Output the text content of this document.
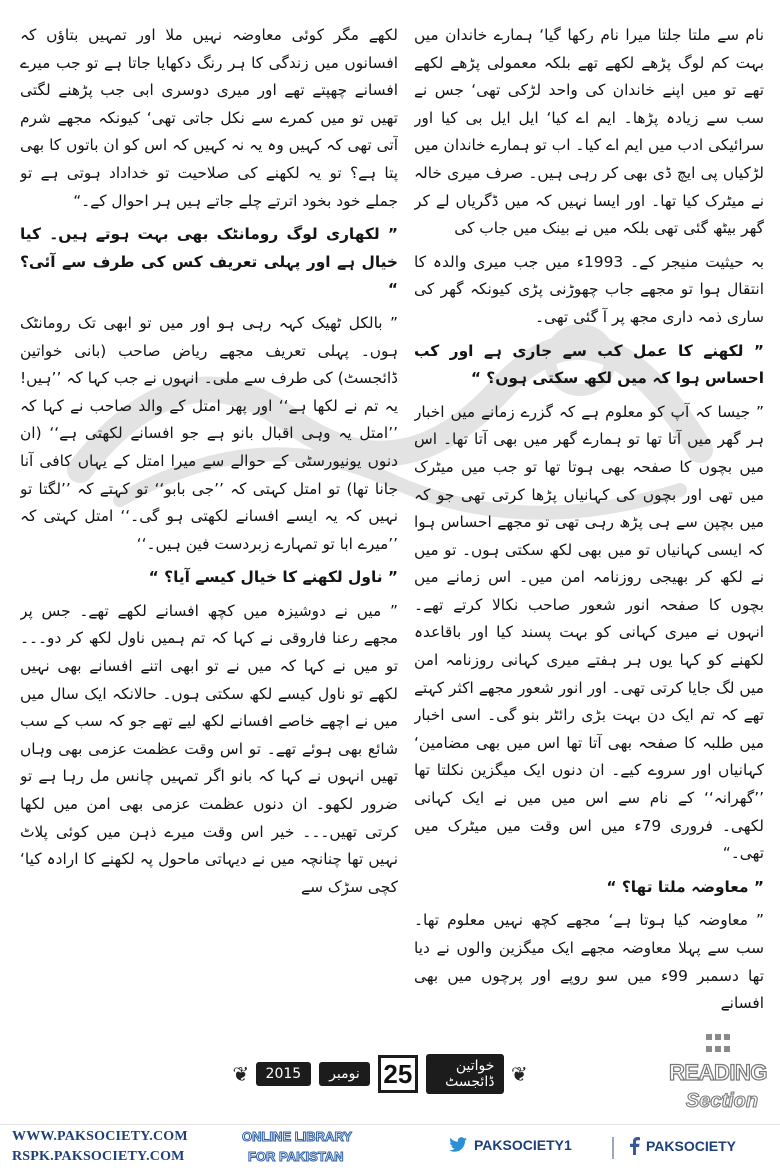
نام سے ملتا جلتا میرا نام رکھا گیا‘ ہمارے خاندان میں بہت کم لوگ پڑھے لکھے تھے بلکہ معمولی پڑھے لکھے تھے تو میں اپنے خاندان کی واحد لڑکی تھی‘ جس نے سب سے زیادہ پڑھا۔ ایم اے کیا‘ ایل ایل بی کیا اور سرائیکی ادب میں ایم اے کیا۔ اب تو ہمارے خاندان میں لڑکیاں پی ایچ ڈی بھی کر رہی ہیں۔ صرف میری خالہ نے میٹرک کیا تھا۔ اور ایسا نہیں کہ میں ڈگریاں لے کر گھر بیٹھ گئی تھی بلکہ میں نے بینک میں جاب کی

بہ حیثیت منیجر کے۔ 1993ء میں جب میری والدہ کا انتقال ہوا تو مجھے جاب چھوڑنی پڑی کیونکہ گھر کی ساری ذمہ داری مجھ پر آ گئی تھی۔

” لکھنے کا عمل کب سے جاری ہے اور کب احساس ہوا کہ میں لکھ سکتی ہوں؟ “

” جیسا کہ آپ کو معلوم ہے کہ گزرے زمانے میں اخبار ہر گھر میں آتا تھا تو ہمارے گھر میں بھی آتا تھا۔ اس میں بچوں کا صفحہ بھی ہوتا تھا تو جب میں میٹرک میں تھی اور بچوں کی کہانیاں پڑھا کرتی تھی جو کہ میں بچپن سے ہی پڑھ رہی تھی تو مجھے احساس ہوا کہ ایسی کہانیاں تو میں بھی لکھ سکتی ہوں۔ تو میں نے لکھ کر بھیجی روزنامہ امن میں۔ اس زمانے میں بچوں کا صفحہ انور شعور صاحب نکالا کرتے تھے۔ انہوں نے میری کہانی کو بہت پسند کیا اور باقاعدہ لکھنے کو کہا یوں ہر ہفتے میری کہانی روزنامہ امن میں لگ جایا کرتی تھی۔ اور انور شعور مجھے اکثر کہتے تھے کہ تم ایک دن بہت بڑی رائٹر بنو گی۔ اسی اخبار میں طلبہ کا صفحہ بھی آتا تھا اس میں بھی مضامین‘ کہانیاں اور سروے کیے۔ ان دنوں ایک میگزین نکلتا تھا ’’گھرانہ‘‘ کے نام سے اس میں میں نے ایک کہانی لکھی۔ فروری 79ء میں اس وقت میں میٹرک میں تھی۔“

” معاوضہ ملتا تھا؟ “

” معاوضہ کیا ہوتا ہے‘ مجھے کچھ نہیں معلوم تھا۔ سب سے پہلا معاوضہ مجھے ایک میگزین والوں نے دیا تھا دسمبر 99ء میں سو روپے اور پرچوں میں بھی افسانے

لکھے مگر کوئی معاوضہ نہیں ملا اور تمہیں بتاؤں کہ افسانوں میں زندگی کا ہر رنگ دکھایا جاتا ہے تو جب میرے افسانے چھپتے تھے اور میری دوسری ابی جب پڑھنے لگتی تھیں تو میں کمرے سے نکل جاتی تھی‘ کیونکہ مجھے شرم آتی تھی کہ کہیں وہ یہ نہ کہیں کہ اس کو ان باتوں کا بھی پتا ہے؟ تو یہ لکھنے کی صلاحیت تو خداداد ہوتی ہے تو جملے خود بخود اترتے چلے جاتے ہیں ہر احوال کے۔“

” لکھاری لوگ رومانٹک بھی بہت ہوتے ہیں۔ کیا خیال ہے اور پہلی تعریف کس کی طرف سے آئی؟ “

” بالکل ٹھیک کہہ رہی ہو اور میں تو ابھی تک رومانٹک ہوں۔ پہلی تعریف مجھے ریاض صاحب (بانی خواتین ڈائجسٹ) کی طرف سے ملی۔ انہوں نے جب کہا کہ ’’ہیں! یہ تم نے لکھا ہے‘‘ اور پھر امتل کے والد صاحب نے کہا کہ ’’امتل یہ وہی اقبال بانو ہے جو افسانے لکھتی ہے‘‘ (ان دنوں یونیورسٹی کے حوالے سے میرا امتل کے یہاں کافی آنا جانا تھا) تو امتل کہتی کہ ’’جی بابو‘‘ تو کہتے کہ ’’لگتا تو نہیں کہ یہ ایسے افسانے لکھتی ہو گی۔‘‘ امتل کہتی کہ ’’میرے ابا تو تمہارے زبردست فین ہیں۔‘‘

” ناول لکھنے کا خیال کیسے آیا؟ “

” میں نے دوشیزہ میں کچھ افسانے لکھے تھے۔ جس پر مجھے رعنا فاروقی نے کہا کہ تم ہمیں ناول لکھ کر دو۔۔۔ تو میں نے کہا کہ میں نے تو ابھی اتنے افسانے بھی نہیں لکھے تو ناول کیسے لکھ سکتی ہوں۔ حالانکہ ایک سال میں میں نے اچھے خاصے افسانے لکھ لیے تھے جو کہ سب کے سب شائع بھی ہوئے تھے۔ تو اس وقت عظمت عزمی بھی وہاں تھیں انہوں نے کہا کہ بانو اگر تمہیں چانس مل رہا ہے تو ضرور لکھو۔ ان دنوں عظمت عزمی بھی امن میں لکھا کرتی تھیں۔۔۔ خیر اس وقت میرے ذہن میں کوئی پلاٹ نہیں تھا چنانچہ میں نے دیہاتی ماحول پہ لکھنے کا ارادہ کیا‘ کچی سڑک سے

❦
خواتین ڈائجسٹ
25
نومبر
2015
❦	READING
Section
WWW.PAKSOCIETY.COM
RSPK.PAKSOCIETY.COM
ONLINE LIBRARY
FOR PAKISTAN
PAKSOCIETY1	PAKSOCIETY
